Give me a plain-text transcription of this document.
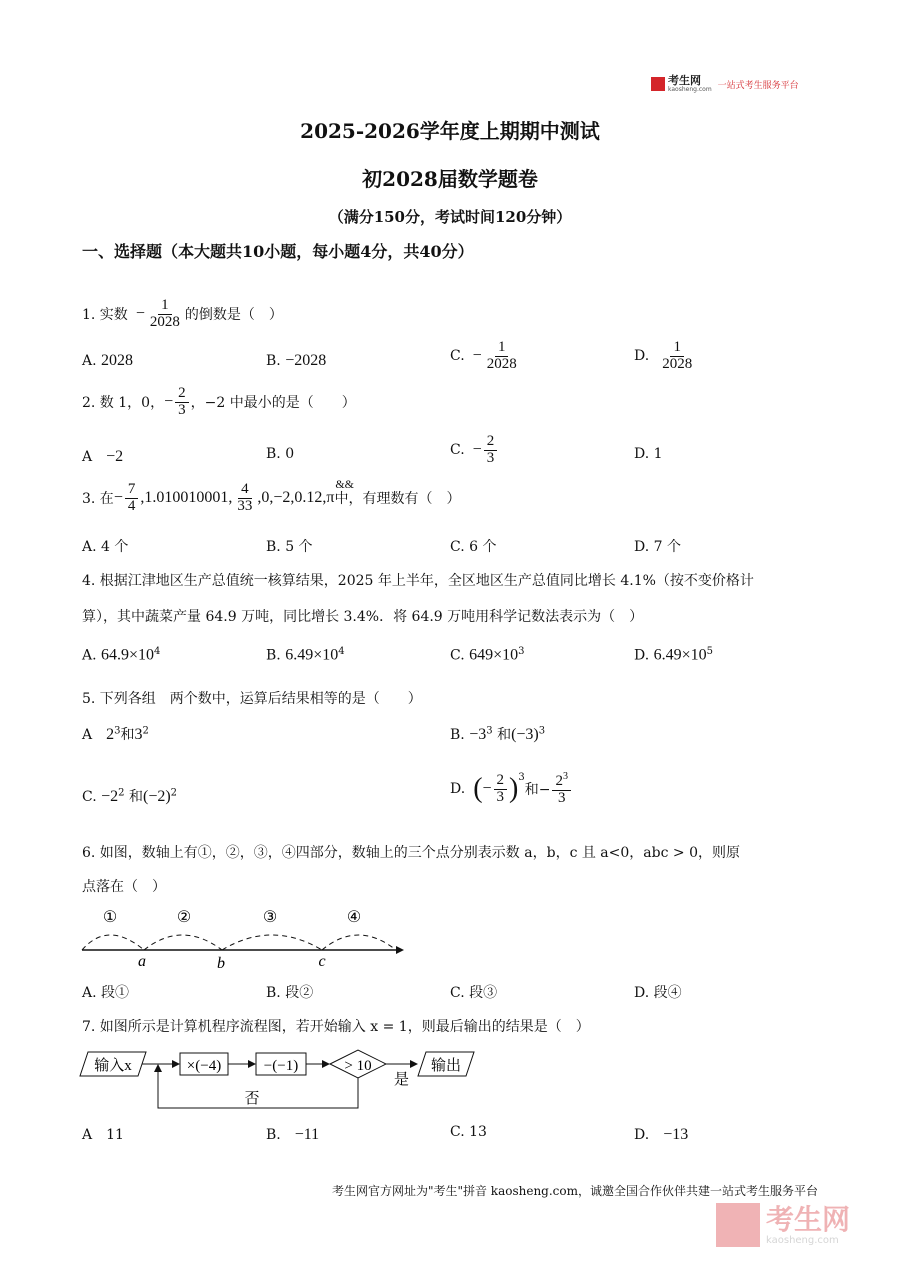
考生网
kaosheng.com 一站式考生服务平台
2025-2026学年度上期期中测试
初2028届数学题卷
（满分150分，考试时间120分钟）
一、选择题（本大题共10小题，每小题4分，共40分）
1. 实数 − $\frac{1}{2028}$ 的倒数是（　）
A. 2028	B. −2028	C. − $\frac{1}{2028}$	D. $\frac{1}{2028}$
2. 数 1，0， − $\frac{2}{3}$ ，−2 中最小的是（　　）
A　 −2	B. 0	C. − $\frac{2}{3}$	D. 1
3. 在 − $\frac{7}{4} ,1.010010001$, $\frac{4}{33} ,0,-2,0.12,\pi$
&&
中，有理数有（　）
A. 4 个	B. 5 个	C. 6 个	D. 7 个
4. 根据江津地区生产总值统一核算结果，2025 年上半年，全区地区生产总值同比增长 4.1%（按不变价格计
算），其中蔬菜产量 64.9 万吨，同比增长 3.4%．将 64.9 万吨用科学记数法表示为（　）
A. $64.9\times 10^4$	B. $6.49\times 10^4$	C. $649\times 10^3$	D. $6.49\times 10^5$
5. 下列各组　两个数中，运算后结果相等的是（　　）
A　 $2^3$和$3^2$	B. $-3^3$ 和$(-3)^3$
C. $-2^2$ 和$(-2)^2$	D. ( − $\frac{2}{3} )^3$
和− $\frac{2^3}{3}$
6. 如图，数轴上有①，②，③，④四部分，数轴上的三个点分别表示数 a，b，c 且 a<0，abc > 0，则原
点落在（　）
①	②	③	④
a	b	c
A. 段①	B. 段②	C. 段③	D. 段④
7. 如图所示是计算机程序流程图，若开始输入 x = 1，则最后输出的结果是（　）
输入x	×(−4)	−(−1)	> 10
是
输出
否
A　11	B.　 −11	C. 13	D.　 −13
考生网官方网址为"考生"拼音 kaosheng.com，诚邀全国合作伙伴共建一站式考生服务平台
考生网
kaosheng.com
